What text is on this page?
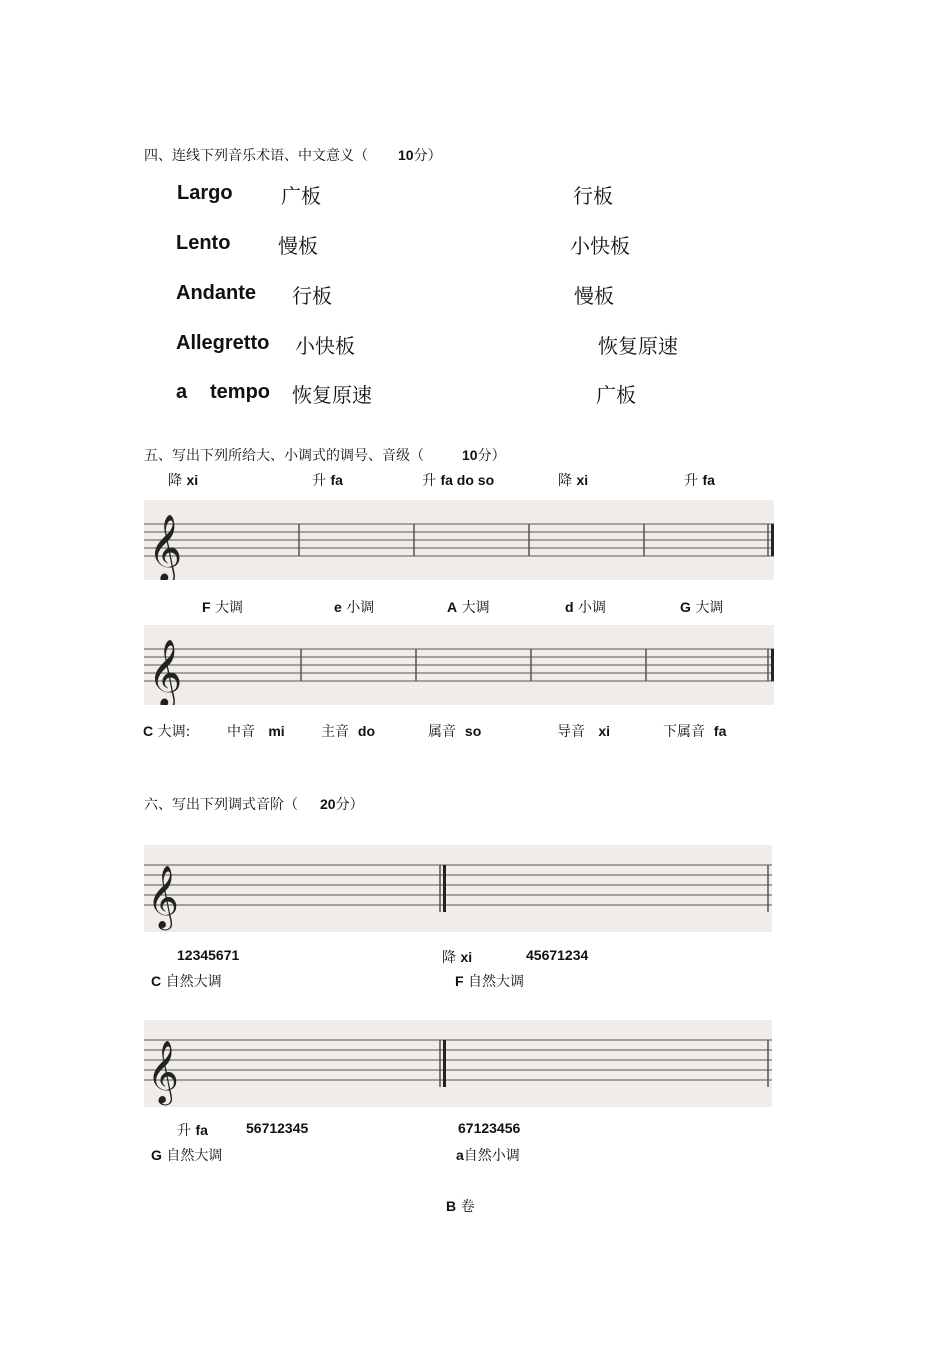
四、连线下列音乐术语、中文意义（ 10分）
Largo 广板	行板
Lento 慢板	小快板
Andante 行板	慢板
Allegretto 小快板	恢复原速
a tempo 恢复原速	广板
五、写出下列所给大、小调式的调号、音级（	10分）
降 xi	升 fa	升 fa do so	降 xi	升 fa
𝄞
F 大调	e 小调	A 大调	d 小调	G 大调
𝄞
C 大调:	中音 mi	主音 do	属音 so	导音 xi	下属音 fa
六、写出下列调式音阶（ 20分）
𝄞
12345671	降 xi	45671234
C 自然大调	F 自然大调
𝄞
升 fa	56712345	67123456
G 自然大调	a自然小调
B 卷
